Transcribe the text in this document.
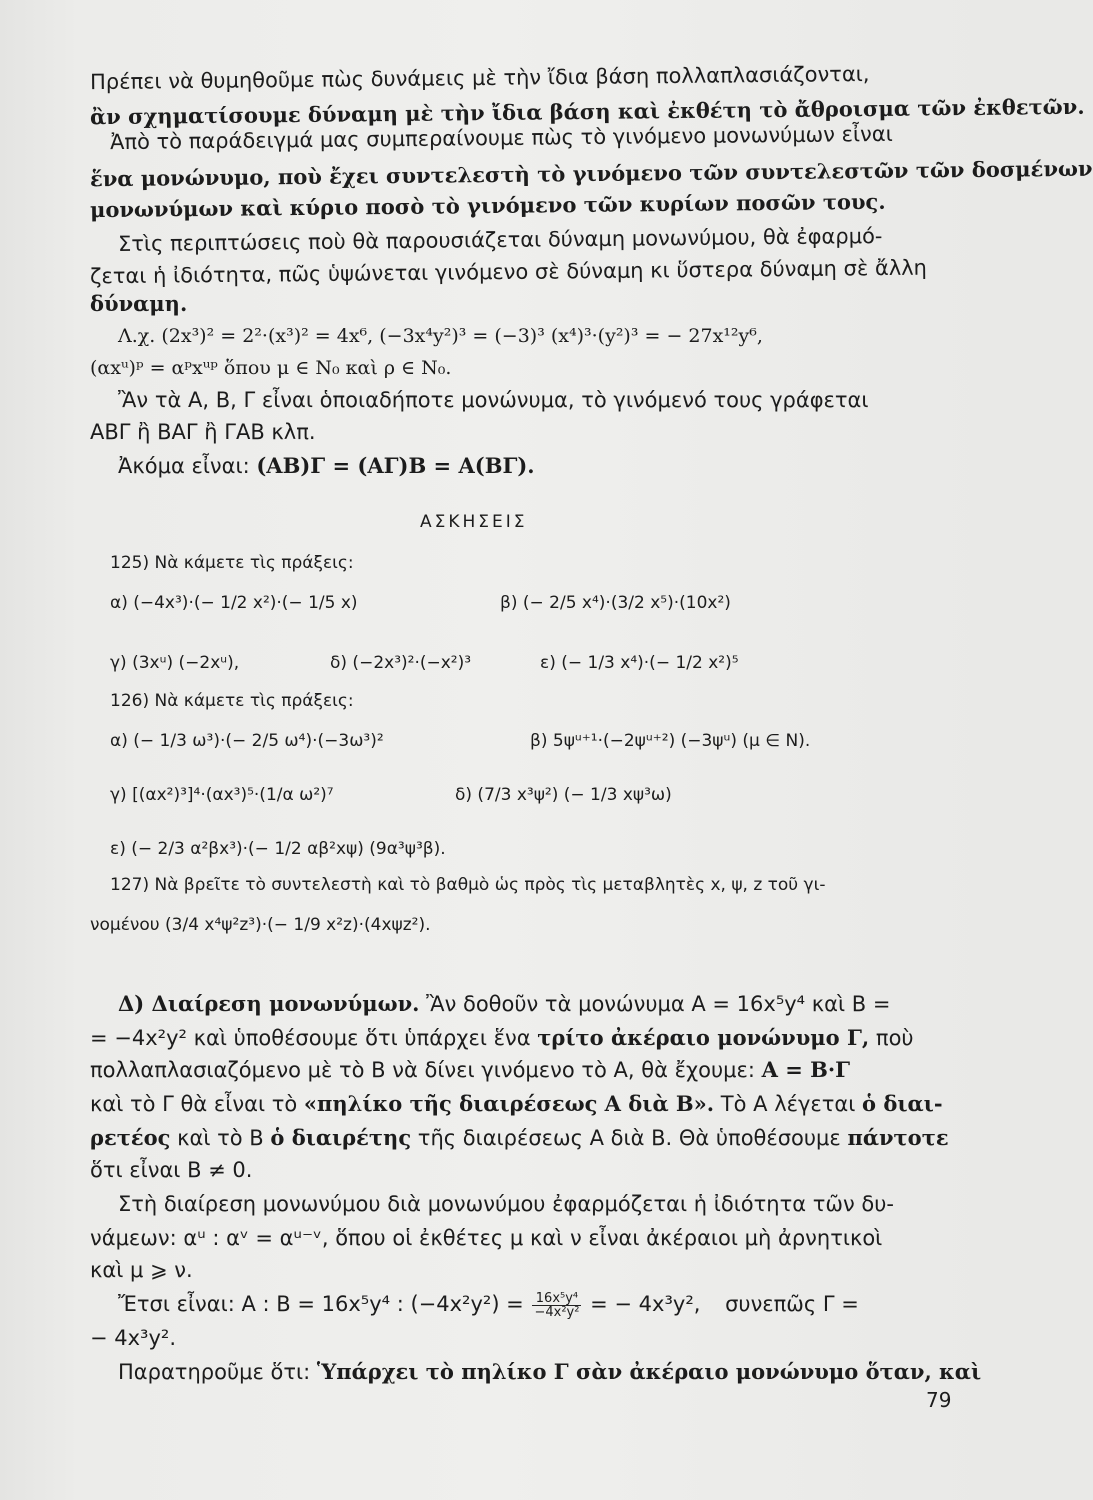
Πρέπει νὰ θυμηθοῦμε πὼς δυνάμεις μὲ τὴν ἴδια βάση πολλαπλασιάζονται,
ἂν σχηματίσουμε δύναμη μὲ τὴν ἴδια βάση καὶ ἐκθέτη τὸ ἄθροισμα τῶν ἐκθετῶν.
Ἀπὸ τὸ παράδειγμά μας συμπεραίνουμε πὼς τὸ γινόμενο μονωνύμων εἶναι
ἕνα μονώνυμο, ποὺ ἔχει συντελεστὴ τὸ γινόμενο τῶν συντελεστῶν τῶν δοσμένων
μονωνύμων καὶ κύριο ποσὸ τὸ γινόμενο τῶν κυρίων ποσῶν τους.
Στὶς περιπτώσεις ποὺ θὰ παρουσιάζεται δύναμη μονωνύμου, θὰ ἐφαρμό-
ζεται ἡ ἰδιότητα, πῶς ὑψώνεται γινόμενο σὲ δύναμη κι ὕστερα δύναμη σὲ ἄλλη
δύναμη.
Λ.χ. (2x³)² = 2²·(x³)² = 4x⁶, (−3x⁴y²)³ = (−3)³ (x⁴)³·(y²)³ = − 27x¹²y⁶,
(αxᵘ)ᵖ = αᵖxᵘᵖ ὅπου μ ∈ N₀ καὶ ρ ∈ N₀.
Ἂν τὰ Α, Β, Γ εἶναι ὁποιαδήποτε μονώνυμα, τὸ γινόμενό τους γράφεται
ΑΒΓ ἢ ΒΑΓ ἢ ΓΑΒ κλπ.
Ἀκόμα εἶναι: (ΑΒ)Γ = (ΑΓ)Β = Α(ΒΓ).
ΑΣΚΗΣΕΙΣ
125) Νὰ κάμετε τὶς πράξεις:
α) (−4x³)·(− 1/2 x²)·(− 1/5 x)	β) (− 2/5 x⁴)·(3/2 x⁵)·(10x²)
γ) (3xᵘ) (−2xᵘ),	δ) (−2x³)²·(−x²)³	ε) (− 1/3 x⁴)·(− 1/2 x²)⁵
126) Νὰ κάμετε τὶς πράξεις:
α) (− 1/3 ω³)·(− 2/5 ω⁴)·(−3ω³)²	β) 5ψᵘ⁺¹·(−2ψᵘ⁺²) (−3ψᵘ) (μ ∈ N).
γ) [(αx²)³]⁴·(αx³)⁵·(1/α ω²)⁷	δ) (7/3 x³ψ²) (− 1/3 xψ³ω)
ε) (− 2/3 α²βx³)·(− 1/2 αβ²xψ) (9α³ψ³β).
127) Νὰ βρεῖτε τὸ συντελεστὴ καὶ τὸ βαθμὸ ὡς πρὸς τὶς μεταβλητὲς x, ψ, z τοῦ γι-
νομένου (3/4 x⁴ψ²z³)·(− 1/9 x²z)·(4xψz²).
Δ) Διαίρεση μονωνύμων. Ἂν δοθοῦν τὰ μονώνυμα Α = 16x⁵y⁴ καὶ Β =
= −4x²y² καὶ ὑποθέσουμε ὅτι ὑπάρχει ἕνα τρίτο ἀκέραιο μονώνυμο Γ, ποὺ
πολλαπλασιαζόμενο μὲ τὸ Β νὰ δίνει γινόμενο τὸ Α, θὰ ἔχουμε: Α = Β·Γ
καὶ τὸ Γ θὰ εἶναι τὸ «πηλίκο τῆς διαιρέσεως Α διὰ Β». Τὸ Α λέγεται ὁ διαι-
ρετέος καὶ τὸ Β ὁ διαιρέτης τῆς διαιρέσεως Α διὰ Β. Θὰ ὑποθέσουμε πάντοτε
ὅτι εἶναι Β ≠ 0.
Στὴ διαίρεση μονωνύμου διὰ μονωνύμου ἐφαρμόζεται ἡ ἰδιότητα τῶν δυ-
νάμεων: αᵘ : αᵛ = αᵘ⁻ᵛ, ὅπου οἱ ἐκθέτες μ καὶ ν εἶναι ἀκέραιοι μὴ ἀρνητικοὶ
καὶ μ ⩾ ν.
Ἔτσι εἶναι: Α : Β = 16x⁵y⁴ : $(-4x^2y^2) = \frac{\text{16x⁵y⁴}}{\text{−4x²y²}}$ = − 4x³y², συνεπῶς Γ =
− 4x³y².
Παρατηροῦμε ὅτι: Ὑπάρχει τὸ πηλίκο Γ σὰν ἀκέραιο μονώνυμο ὅταν, καὶ
79
